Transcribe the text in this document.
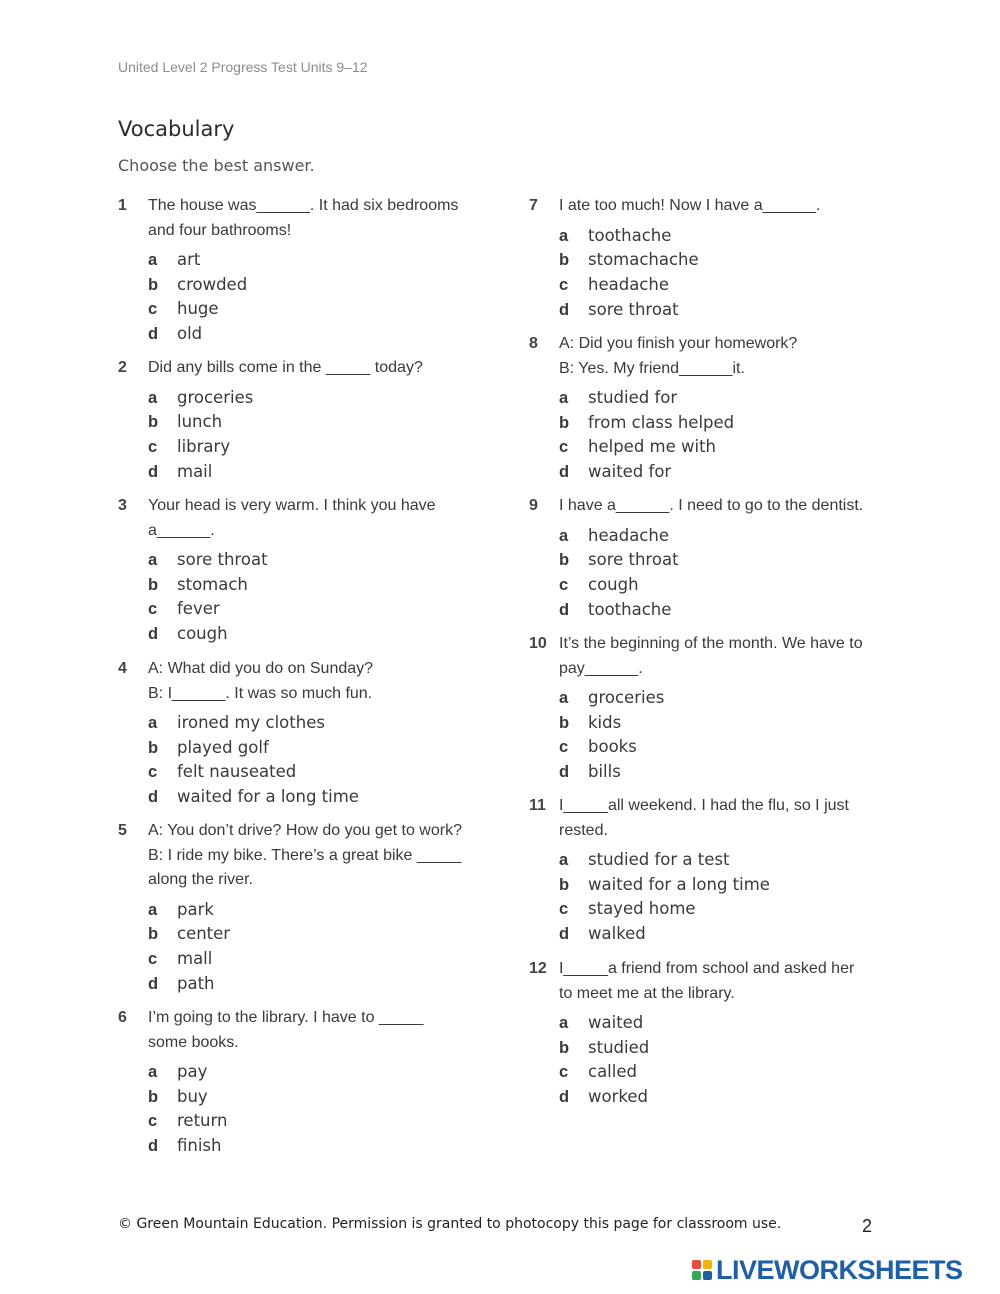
United Level 2 Progress Test Units 9–12
Vocabulary
Choose the best answer.
1 The house was______. It had six bedrooms
and four bathrooms!
a art
b crowded
c huge
d old
2 Did any bills come in the _____ today?
a groceries
b lunch
c library
d mail
3 Your head is very warm. I think you have
a______.
a sore throat
b stomach
c fever
d cough
4 A: What did you do on Sunday?
B: I______. It was so much fun.
a ironed my clothes
b played golf
c felt nauseated
d waited for a long time
5 A: You don’t drive? How do you get to work?
B: I ride my bike. There’s a great bike _____
along the river.
a park
b center
c mall
d path
6 I’m going to the library. I have to _____
some books.
a pay
b buy
c return
d finish
7 I ate too much! Now I have a______.
a toothache
b stomachache
c headache
d sore throat
8 A: Did you finish your homework?
B: Yes. My friend______it.
a studied for
b from class helped
c helped me with
d waited for
9 I have a______. I need to go to the dentist.
a headache
b sore throat
c cough
d toothache
10 It’s the beginning of the month. We have to
pay______.
a groceries
b kids
c books
d bills
11 I_____all weekend. I had the flu, so I just
rested.
a studied for a test
b waited for a long time
c stayed home
d walked
12 I_____a friend from school and asked her
to meet me at the library.
a waited
b studied
c called
d worked
© Green Mountain Education. Permission is granted to photocopy this page for classroom use.	2
LIVEWORKSHEETS
